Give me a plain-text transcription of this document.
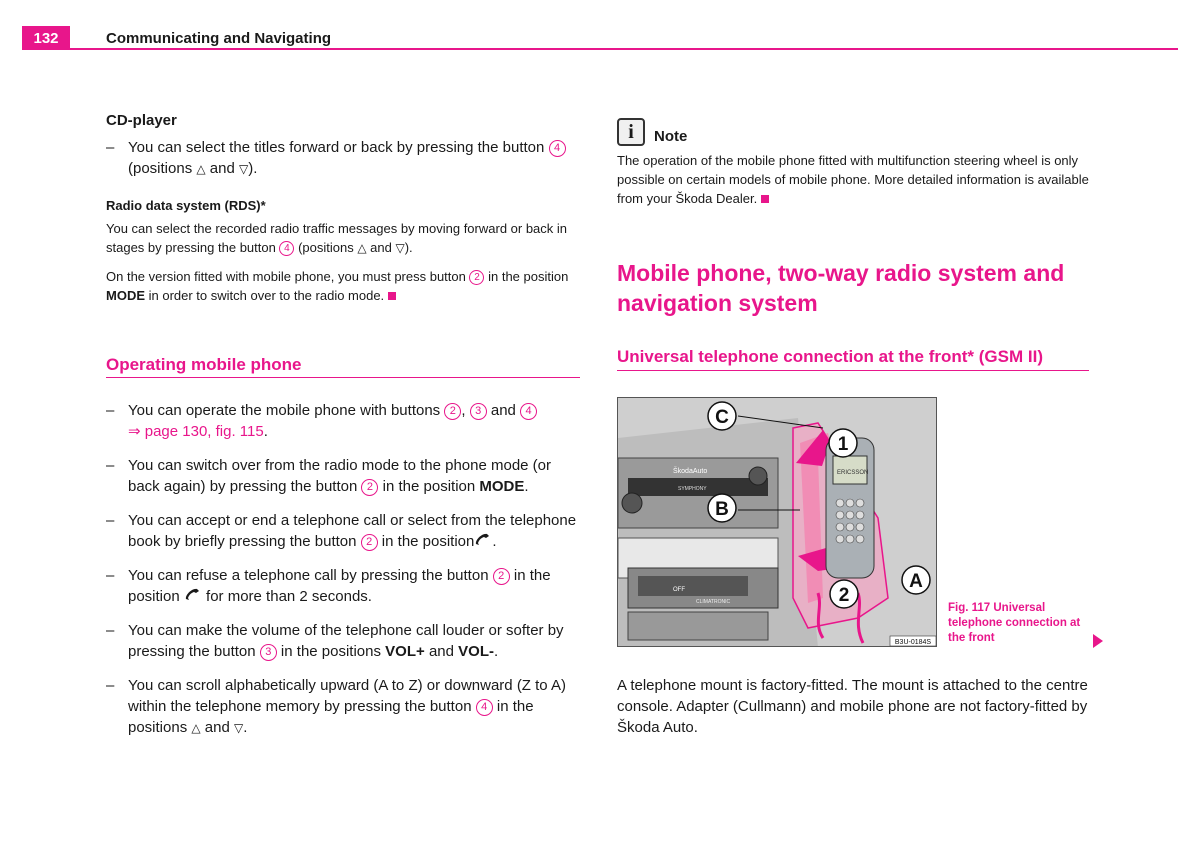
132	Communicating and Navigating
CD-player
– You can select the titles forward or back by pressing the button 4 (positions △ and ▽).
Radio data system (RDS)*
You can select the recorded radio traffic messages by moving forward or back in stages by pressing the button 4 (positions △ and ▽).
On the version fitted with mobile phone, you must press button 2 in the position MODE in order to switch over to the radio mode.
Operating mobile phone
– You can operate the mobile phone with buttons 2 , 3 and 4
⇒ page 130, fig. 115.
– You can switch over from the radio mode to the phone mode (or back again) by pressing the button 2 in the position MODE.
– You can accept or end a telephone call or select from the telephone book by briefly pressing the button 2 in the position .
– You can refuse a telephone call by pressing the button 2 in the position  for more than 2 seconds.
– You can make the volume of the telephone call louder or softer by pressing the button 3 in the positions VOL+ and VOL-.
– You can scroll alphabetically upward (A to Z) or downward (Z to A) within the telephone memory by pressing the button 4 in the positions △ and ▽.
i	Note
The operation of the mobile phone fitted with multifunction steering wheel is only possible on certain models of mobile phone. More detailed information is available from your Škoda Dealer.
Mobile phone, two-way radio system and navigation system
Universal telephone connection at the front* (GSM II)
ŠkodaAuto
SYMPHONY
OFF
CLIMATRONIC
ERICSSON
C
1
B
2
A
B3U-0184S
Fig. 117 Universal telephone connection at the front
A telephone mount is factory-fitted. The mount is attached to the centre console. Adapter (Cullmann) and mobile phone are not factory-fitted by Škoda Auto.
